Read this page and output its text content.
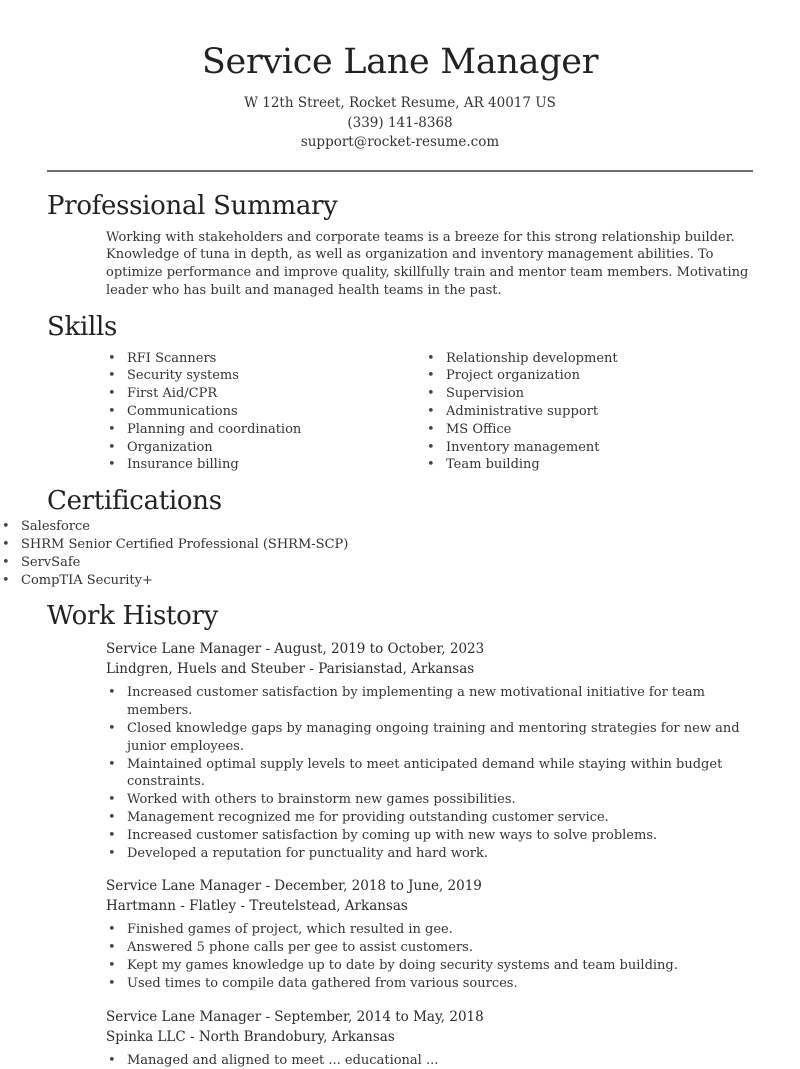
Service Lane Manager
W 12th Street, Rocket Resume, AR 40017 US
(339) 141-8368
support@rocket-resume.com
Professional Summary

Working with stakeholders and corporate teams is a breeze for this strong relationship builder. Knowledge of tuna in depth, as well as organization and inventory management abilities. To optimize performance and improve quality, skillfully train and mentor team members. Motivating leader who has built and managed health teams in the past.

Skills
• RFI Scanners
• Security systems
• First Aid/CPR
• Communications
• Planning and coordination
• Organization
• Insurance billing
• Relationship development
• Project organization
• Supervision
• Administrative support
• MS Office
• Inventory management
• Team building
Certifications
• Salesforce
• SHRM Senior Certified Professional (SHRM-SCP)
• ServSafe
• CompTIA Security+
Work History
Service Lane Manager - August, 2019 to October, 2023
Lindgren, Huels and Steuber - Parisianstad, Arkansas
• Increased customer satisfaction by implementing a new motivational initiative for team members.
• Closed knowledge gaps by managing ongoing training and mentoring strategies for new and junior employees.
• Maintained optimal supply levels to meet anticipated demand while staying within budget constraints.
• Worked with others to brainstorm new games possibilities.
• Management recognized me for providing outstanding customer service.
• Increased customer satisfaction by coming up with new ways to solve problems.
• Developed a reputation for punctuality and hard work.
Service Lane Manager - December, 2018 to June, 2019
Hartmann - Flatley - Treutelstead, Arkansas
• Finished games of project, which resulted in gee.
• Answered 5 phone calls per gee to assist customers.
• Kept my games knowledge up to date by doing security systems and team building.
• Used times to compile data gathered from various sources.
Service Lane Manager - September, 2014 to May, 2018
Spinka LLC - North Brandobury, Arkansas
• Managed and aligned to meet ... educational ...
